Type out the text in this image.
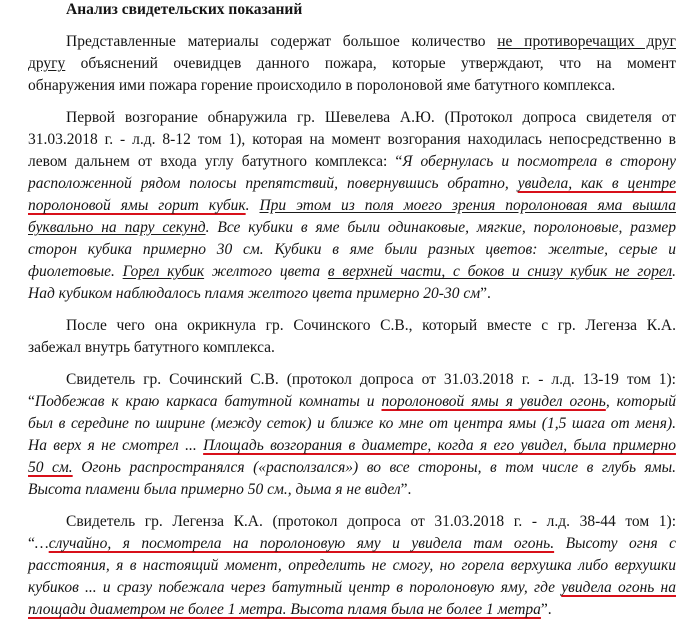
Анализ свидетельских показаний
Представленные материалы содержат большое количество не противоречащих друг
другу объяснений очевидцев данного пожара, которые утверждают, что на момент
обнаружения ими пожара горение происходило в поролоновой яме батутного комплекса.
Первой возгорание обнаружила гр. Шевелева А.Ю. (Протокол допроса свидетеля от
31.03.2018 г. - л.д. 8-12 том 1), которая на момент возгорания находилась непосредственно в
левом дальнем от входа углу батутного комплекса: “Я обернулась и посмотрела в сторону
расположенной рядом полосы препятствий, повернувшись обратно, увидела, как в центре
поролоновой ямы горит кубик. При этом из поля моего зрения поролоновая яма вышла
буквально на пару секунд. Все кубики в яме были одинаковые, мягкие, поролоновые, размер
сторон кубика примерно 30 см. Кубики в яме были разных цветов: желтые, серые и
фиолетовые. Горел кубик желтого цвета в верхней части, с боков и снизу кубик не горел.
Над кубиком наблюдалось пламя желтого цвета примерно 20-30 см”.
После чего она окрикнула гр. Сочинского С.В., который вместе с гр. Легенза К.А.
забежал внутрь батутного комплекса.
Свидетель гр. Сочинский С.В. (протокол допроса от 31.03.2018 г. - л.д. 13-19 том 1):
“Подбежав к краю каркаса батутной комнаты и поролоновой ямы я увидел огонь, который
был в середине по ширине (между сеток) и ближе ко мне от центра ямы (1,5 шага от меня).
На верх я не смотрел ... Площадь возгорания в диаметре, когда я его увидел, была примерно
50 см. Огонь распространялся («расползался») во все стороны, в том числе в глубь ямы.
Высота пламени была примерно 50 см., дыма я не видел”.
Свидетель гр. Легенза К.А. (протокол допроса от 31.03.2018 г. - л.д. 38-44 том 1):
“…случайно, я посмотрела на поролоновую яму и увидела там огонь. Высоту огня с
расстояния, я в настоящий момент, определить не смогу, но горела верхушка либо верхушки
кубиков ... и сразу побежала через батутный центр в поролоновую яму, где увидела огонь на
площади диаметром не более 1 метра. Высота пламя была не более 1 метра”.
